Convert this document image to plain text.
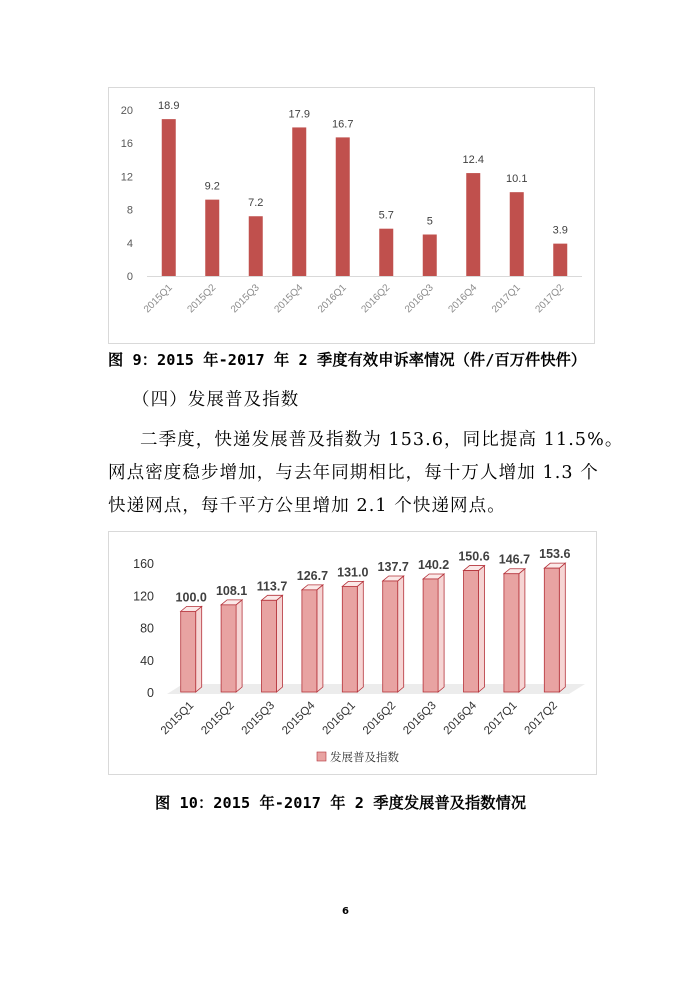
0
4
8
12
16
20 18.9
2015Q1
9.2
2015Q2
7.2
2015Q3
17.9
2015Q4
16.7
2016Q1
5.7
2016Q2
5
2016Q3
12.4
2016Q4
10.1
2017Q1
3.9
2017Q2
图 9：2015 年-2017 年 2 季度有效申诉率情况（件/百万件快件）
（四）发展普及指数
二季度，快递发展普及指数为 153.6，同比提高 11.5%。
网点密度稳步增加，与去年同期相比，每十万人增加 1.3 个
快递网点，每千平方公里增加 2.1 个快递网点。
0
40
80
120
160
100.0
2015Q1
108.1
2015Q2
113.7
2015Q3
126.7
2015Q4
131.0
2016Q1
137.7
2016Q2
140.2
2016Q3
150.6
2016Q4
146.7
2017Q1
153.6
2017Q2
发展普及指数
图 10：2015 年-2017 年 2 季度发展普及指数情况
6
